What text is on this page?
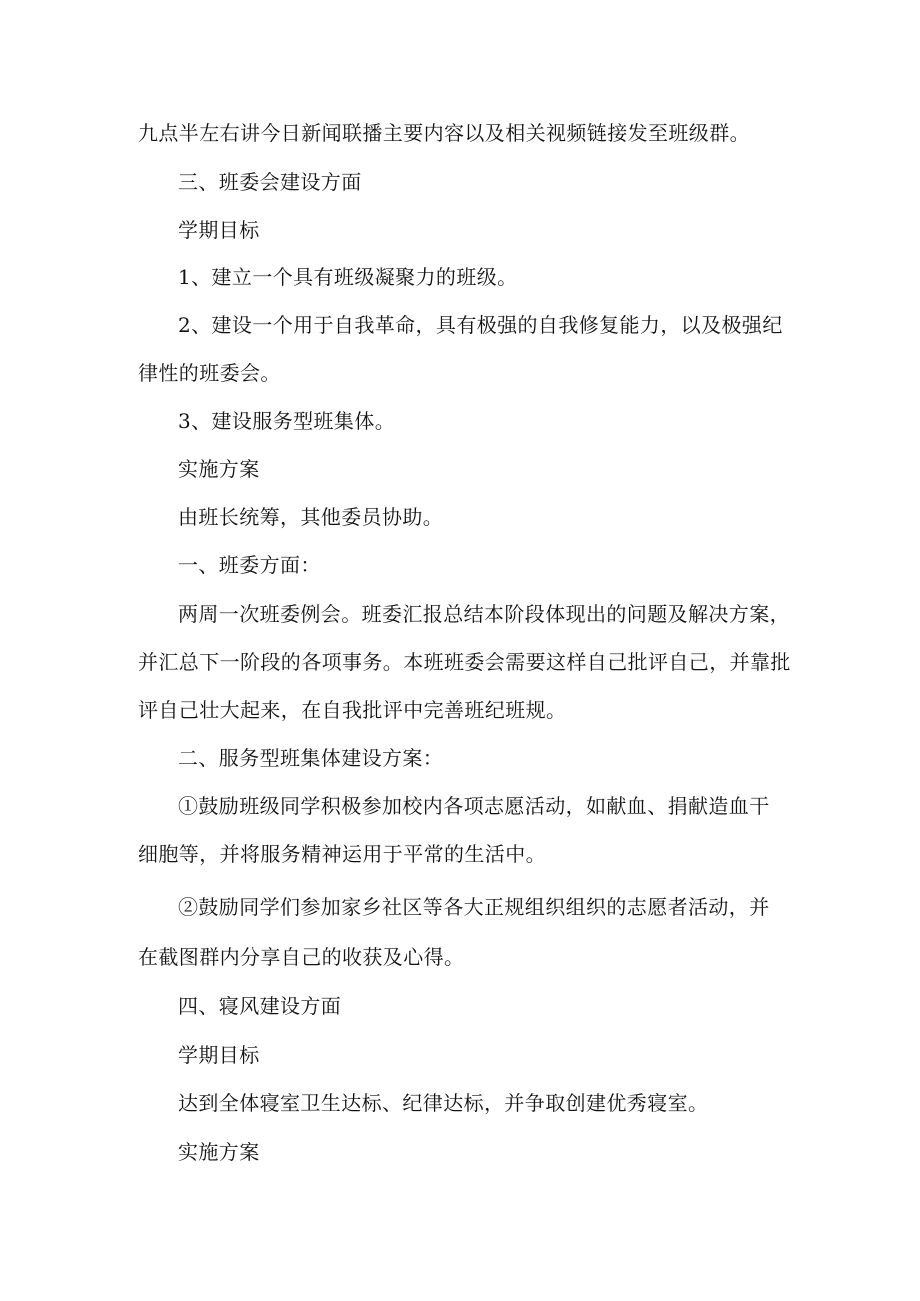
九点半左右讲今日新闻联播主要内容以及相关视频链接发至班级群。
三、班委会建设方面
学期目标
1、建立一个具有班级凝聚力的班级。
2、建设一个用于自我革命，具有极强的自我修复能力，以及极强纪
律性的班委会。
3、建设服务型班集体。
实施方案
由班长统筹，其他委员协助。
一、班委方面：
两周一次班委例会。班委汇报总结本阶段体现出的问题及解决方案，
并汇总下一阶段的各项事务。本班班委会需要这样自己批评自己，并靠批
评自己壮大起来，在自我批评中完善班纪班规。
二、服务型班集体建设方案：
①鼓励班级同学积极参加校内各项志愿活动，如献血、捐献造血干
细胞等，并将服务精神运用于平常的生活中。
②鼓励同学们参加家乡社区等各大正规组织组织的志愿者活动，并
在截图群内分享自己的收获及心得。
四、寝风建设方面
学期目标
达到全体寝室卫生达标、纪律达标，并争取创建优秀寝室。
实施方案
